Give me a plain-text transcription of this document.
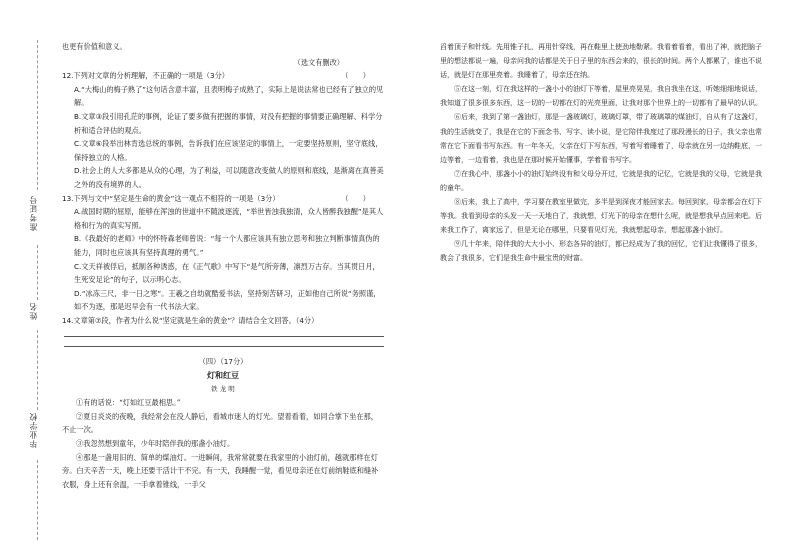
准考证号
姓名
毕业学校

也更有价值和意义。

（选文有删改）

（　　）
12.下列对文章的分析理解，不正确的一项是（3分）

A.“大梅山的梅子熟了”这句话含意丰富，且表明梅子成熟了，实际上是说法常也已经有了独立的见解。

B.文章③段引用孔茫的事例，论证了要多做有把握的事情，对没有把握的事情要正确理解、科学分析和适合评估的观点。

C.文章⑥段举出林肯选总统的事例，告诉我们在应该坚定的事情上，一定要坚持原则，坚守底线，保持独立的人格。

D.社会上的人大多都是从众的心理，为了利益，可以随意改变做人的原则和底线，是渐离在真善美之外的没有境界的人。

（　　）
13.下列与文中“坚定是生命的黄金”这一观点不相符的一项是（3分）

A.战国时期的屈原，能够在浑浊的世道中不随波逐流，“举世皆浊我独清，众人皆醉我独醒”是其人格和行为的真实写照。

B.《我最好的老师》中的怀特森老师曾说：“每一个人都应该具有独立思考和独立判断事情真伪的能力，同时也应该具有坚持真理的勇气。”

C.文天祥被俘后，抵制各种诱惑，在《正气歌》中写下“是气所旁薄，凛烈万古存。当其贯日月，生死安足论”的句子，以示明心志。

D.“冰冻三尺，非一日之寒”。王羲之自幼就酷爱书法，坚持刻苦研习，正如他自己所说“务照谨，如不为逐，那是迟早会有一代书法大家。

14.文章第⑦段，作者为什么说“坚定就是生命的黄金”？请结合全文回答。（4分）

（四）（17分）

灯和红豆

铁 龙 明

①有的话说：“灯如红豆最相思。”

②夏日炎炎的夜晚，我经常会在没人静后，看城市迷人的灯光。望着看着，如同合掌下坐在那，不止一次。

③我忽然想到童年，少年时陪伴我的那盏小油灯。

④那是一盏用旧的、简单的煤油灯。一进瞬间，我常常就要在我家里的小油灯前，越就那样在灯旁。白天辛苦一天，晚上还要干活计干不完。有一天，我睡醒一觉，看见母亲还在灯前纳鞋底和缝补衣服，身上还有余温，一手拿着锥线，一手父

舀着顶子和针线。先用锥子扎，再用针穿线，再在鞋里上使劲地勒紧。我看着看着，看出了神，就把脑子里的想法都说一遍，母亲问我的话都是关于日子里的东西会来的，很长的时间。两个人都累了，谁也不说话，就是灯在那里亮着。我睡着了，母亲还在纳。

⑤在这一刻，灯在我这样的一盏小小的油灯下等着，屋里亮晃晃，我自我坐在这，听她细细地说话，我知道了很多很多东西，这一切的一切都在灯的光亮里面，让我对那个世界上的一切都有了最早的认识。

⑥后来，我到了第一盏油灯，那是一盏玻璃灯，玻璃灯罩，带了玻璃罩的煤油灯，自从有了这盏灯，我的生活就变了，我是在它的下面念书、写字、读小说，是它陪伴我度过了那段漫长的日子，我父亲也常常在它下面看书写东西。有一年冬天，父亲在灯下写东西，写着写着睡着了，母亲就在另一边纳鞋底，一边等着，一边看着，我也是在那时候开始懂事，学着看书写字。

⑦在我心中，那盏小小的油灯始终没有和父母分开过，它就是我的记忆，它就是我的父母，它就是我的童年。

⑧后来，我上了高中，学习要在教室里做完，多半是到深夜才能回家去。每回到家，母亲都会在灯下等我。我看到母亲的头发一天一天地白了，我就想，灯光下的母亲在想什么呢，就是想我早点回来吧。后来我工作了，离家远了，但是无论在哪里，只要看见灯光，我就想起母亲，想起那盏小油灯。

⑨几十年来，陪伴我的大大小小、形态各异的油灯，都已经成为了我的回忆，它们让我懂得了很多，教会了我很多，它们是我生命中最宝贵的财富。
